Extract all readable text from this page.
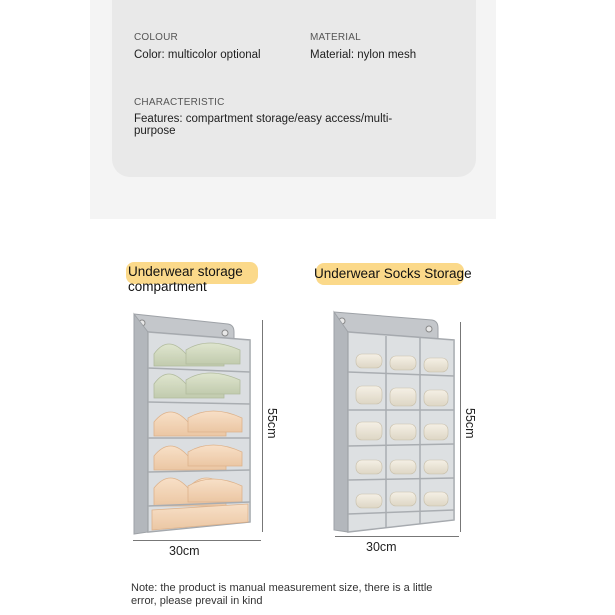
COLOUR
Color: multicolor optional
MATERIAL
Material: nylon mesh
CHARACTERISTIC
Features: compartment storage/easy access/multi-
purpose
Underwear storage
compartment
Underwear Socks Storage
55cm
30cm
55cm
30cm
Note: the product is manual measurement size, there is a little
error, please prevail in kind
